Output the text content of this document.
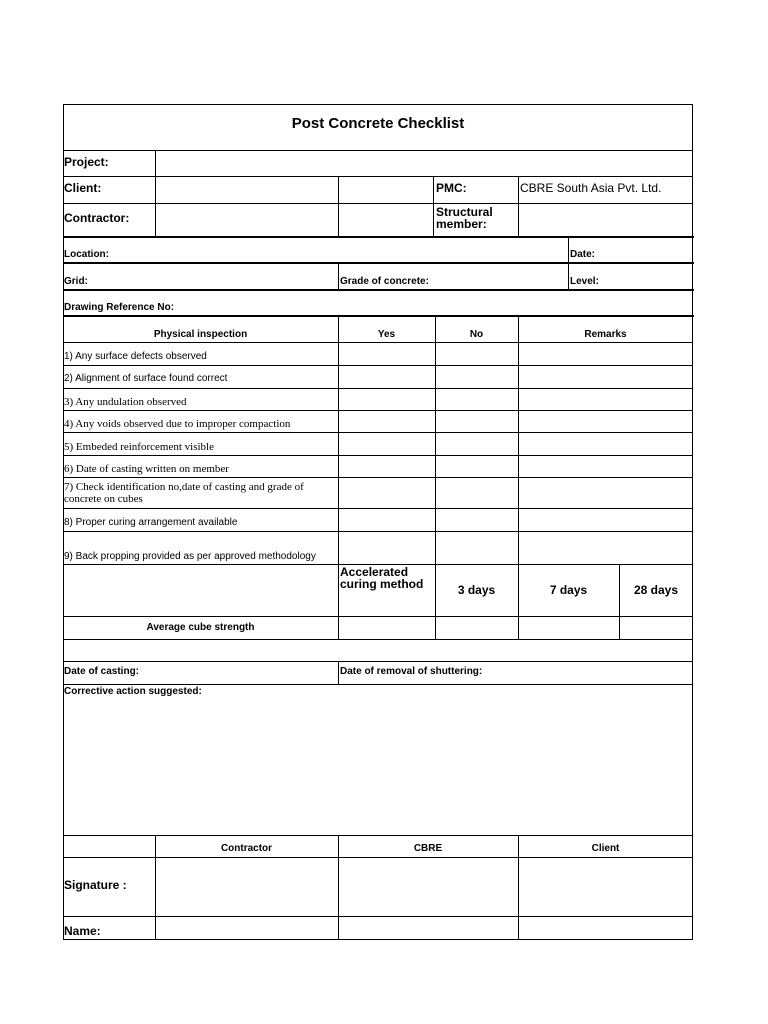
Post Concrete Checklist
Project:
Client:	PMC:	CBRE South Asia Pvt. Ltd.
Contractor:	Structural
member:
Location:	Date:
Grid:	Grade of concrete:	Level:
Drawing Reference No:
Physical inspection	Yes	No	Remarks
1) Any surface defects observed
2) Alignment of surface found correct
3) Any undulation observed
4) Any voids observed due to improper compaction
5) Embeded reinforcement visible
6) Date of casting written on member
7) Check identification no,date of casting and grade of
concrete on cubes
8) Proper curing arrangement available
9) Back propping provided as per approved methodology
Accelerated
curing method	3 days	7 days	28 days
Average cube strength
Date of casting:	Date of removal of shuttering:
Corrective action suggested:
Contractor	CBRE	Client
Signature :
Name:
